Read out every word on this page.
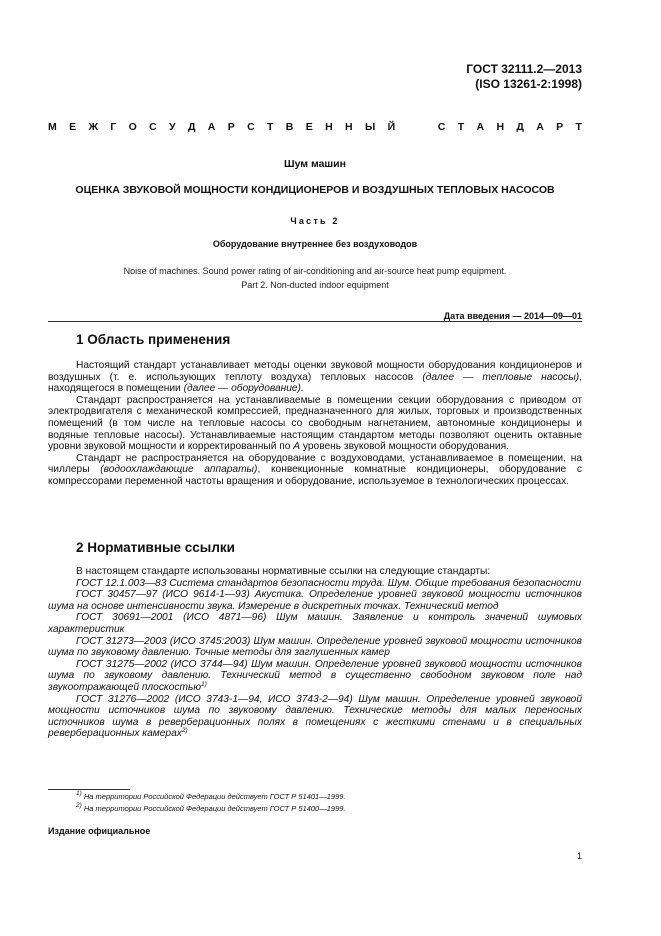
ГОСТ 32111.2—2013
(ISO 13261-2:1998)
М Е Ж Г О С У Д А Р С Т В Е Н Н Ы Й	С Т А Н Д А Р Т
Шум машин
ОЦЕНКА ЗВУКОВОЙ МОЩНОСТИ КОНДИЦИОНЕРОВ И ВОЗДУШНЫХ ТЕПЛОВЫХ НАСОСОВ
Часть 2
Оборудование внутреннее без воздуховодов
Noise of machines. Sound power rating of air-conditioning and air-source heat pump equipment.
Part 2. Non-ducted indoor equipment
Дата введения — 2014—09—01
1 Область применения

Настоящий стандарт устанавливает методы оценки звуковой мощности оборудования кондиционеров и воздушных (т. е. использующих теплоту воздуха) тепловых насосов (далее — тепловые насосы), находящегося в помещении (далее — оборудование).

Стандарт распространяется на устанавливаемые в помещении секции оборудования с приводом от электродвигателя с механической компрессией, предназначенного для жилых, торговых и производственных помещений (в том числе на тепловые насосы со свободным нагнетанием, автономные кондиционеры и водяные тепловые насосы). Устанавливаемые настоящим стандартом методы позволяют оценить октавные уровни звуковой мощности и корректированный по А уровень звуковой мощности оборудования.

Стандарт не распространяется на оборудование с воздуховодами, устанавливаемое в помещении, на чиллеры (водоохлаждающие аппараты), конвекционные комнатные кондиционеры, оборудование с компрессорами переменной частоты вращения и оборудование, используемое в технологических процессах.

2 Нормативные ссылки

В настоящем стандарте использованы нормативные ссылки на следующие стандарты:

ГОСТ 12.1.003—83 Система стандартов безопасности труда. Шум. Общие требования безопасности

ГОСТ 30457—97 (ИСО 9614-1—93) Акустика. Определение уровней звуковой мощности источников шума на основе интенсивности звука. Измерение в дискретных точках. Технический метод

ГОСТ 30691—2001 (ИСО 4871—96) Шум машин. Заявление и контроль значений шумовых характеристик

ГОСТ 31273—2003 (ИСО 3745:2003) Шум машин. Определение уровней звуковой мощности источников шума по звуковому давлению. Точные методы для заглушенных камер

ГОСТ 31275—2002 (ИСО 3744—94) Шум машин. Определение уровней звуковой мощности источников шума по звуковому давлению. Технический метод в существенно свободном звуковом поле над звукоотражающей плоскостью$^{1)}$

ГОСТ 31276—2002 (ИСО 3743-1—94, ИСО 3743-2—94) Шум машин. Определение уровней звуковой мощности источников шума по звуковому давлению. Технические методы для малых переносных источников шума в реверберационных полях в помещениях с жесткими стенами и в специальных реверберационных камерах$^{2)}$

$^{1)}$ На территории Российской Федерации действует ГОСТ Р 51401—1999.
$^{2)}$ На территории Российской Федерации действует ГОСТ Р 51400—1999.
Издание официальное
1
